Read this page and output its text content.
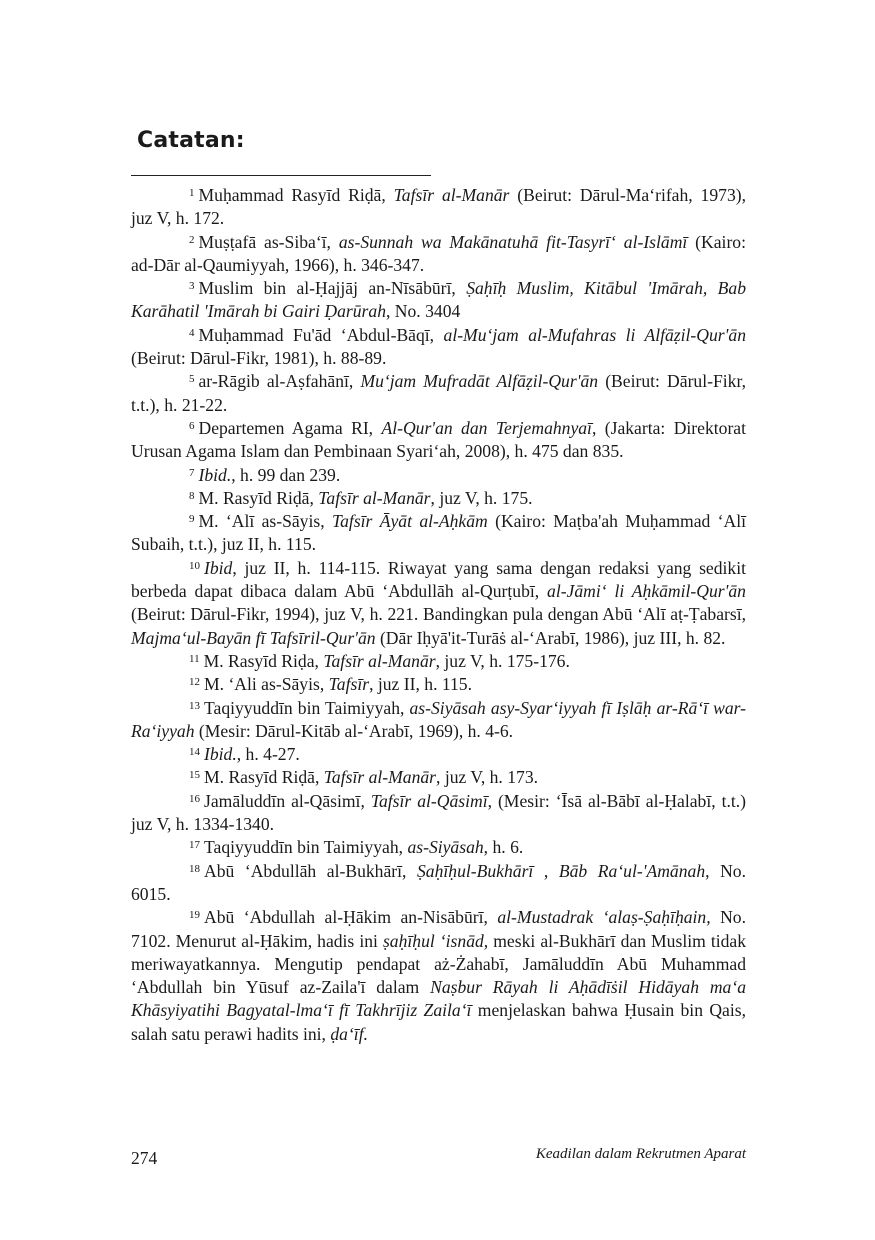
Catatan:

$^1$ Muḥammad Rasyīd Riḍā, Tafsīr al-Manār (Beirut: Dārul-Ma‘rifah, 1973), juz V, h. 172.

$^2$ Muṣṭafā as-Siba‘ī, as-Sunnah wa Makānatuhā fit-Tasyrī‘ al-Islāmī (Kairo: ad-Dār al-Qaumiyyah, 1966), h. 346-347.

$^3$ Muslim bin al-Ḥajjāj an-Nīsābūrī, Ṣaḥīḥ Muslim, Kitābul 'Imārah, Bab Karāhatil 'Imārah bi Gairi Ḍarūrah, No. 3404

$^4$ Muḥammad Fu'ād ‘Abdul-Bāqī, al-Mu‘jam al-Mufahras li Alfāẓil-Qur'ān (Beirut: Dārul-Fikr, 1981), h. 88-89.

$^5$ ar-Rāgib al-Aṣfahānī, Mu‘jam Mufradāt Alfāẓil-Qur'ān (Beirut: Dārul-Fikr, t.t.), h. 21-22.

$^6$ Departemen Agama RI, Al-Qur'an dan Terjemahnyaī, (Jakarta: Direktorat Urusan Agama Islam dan Pembinaan Syari‘ah, 2008), h. 475 dan 835.

$^7$ Ibid., h. 99 dan 239.

$^8$ M. Rasyīd Riḍā, Tafsīr al-Manār, juz V, h. 175.

$^9$ M. ‘Alī as-Sāyis, Tafsīr Āyāt al-Aḥkām (Kairo: Maṭba'ah Muḥammad ‘Alī Subaih, t.t.), juz II, h. 115.

$^{10}$ Ibid, juz II, h. 114-115. Riwayat yang sama dengan redaksi yang sedikit berbeda dapat dibaca dalam Abū ‘Abdullāh al-Qurṭubī, al-Jāmi‘ li Aḥkāmil-Qur'ān (Beirut: Dārul-Fikr, 1994), juz V, h. 221. Bandingkan pula dengan Abū ‘Alī aṭ-Ṭabarsī, Majma‘ul-Bayān fī Tafsīril-Qur'ān (Dār Iḥyā'it-Turāṡ al-‘Arabī, 1986), juz III, h. 82.

$^{11}$ M. Rasyīd Riḍa, Tafsīr al-Manār, juz V, h. 175-176.

$^{12}$ M. ‘Ali as-Sāyis, Tafsīr, juz II, h. 115.

$^{13}$ Taqiyyuddīn bin Taimiyyah, as-Siyāsah asy-Syar‘iyyah fī Iṣlāḥ ar-Rā‘ī war-Ra‘iyyah (Mesir: Dārul-Kitāb al-‘Arabī, 1969), h. 4-6.

$^{14}$ Ibid., h. 4-27.

$^{15}$ M. Rasyīd Riḍā, Tafsīr al-Manār, juz V, h. 173.

$^{16}$ Jamāluddīn al-Qāsimī, Tafsīr al-Qāsimī, (Mesir: ‘Īsā al-Bābī al-Ḥalabī, t.t.) juz V, h. 1334-1340.

$^{17}$ Taqiyyuddīn bin Taimiyyah, as-Siyāsah, h. 6.

$^{18}$ Abū ‘Abdullāh al-Bukhārī, Ṣaḥīḥul-Bukhārī , Bāb Ra‘ul-'Amānah, No. 6015.

$^{19}$ Abū ‘Abdullah al-Ḥākim an-Nisābūrī, al-Mustadrak ‘alaṣ-Ṣaḥīḥain, No. 7102. Menurut al-Ḥākim, hadis ini ṣaḥīḥul ‘isnād, meski al-Bukhārī dan Muslim tidak meriwayatkannya. Mengutip pendapat aż-Żahabī, Jamāluddīn Abū Muhammad ‘Abdullah bin Yūsuf az-Zaila'ī dalam Naṣbur Rāyah li Aḥādīṡil Hidāyah ma‘a Khāsyiyatihi Bagyatal-lma‘ī fī Takhrījiz Zaila‘ī menjelaskan bahwa Ḥusain bin Qais, salah satu perawi hadits ini, ḍa‘īf.

274	Keadilan dalam Rekrutmen Aparat
